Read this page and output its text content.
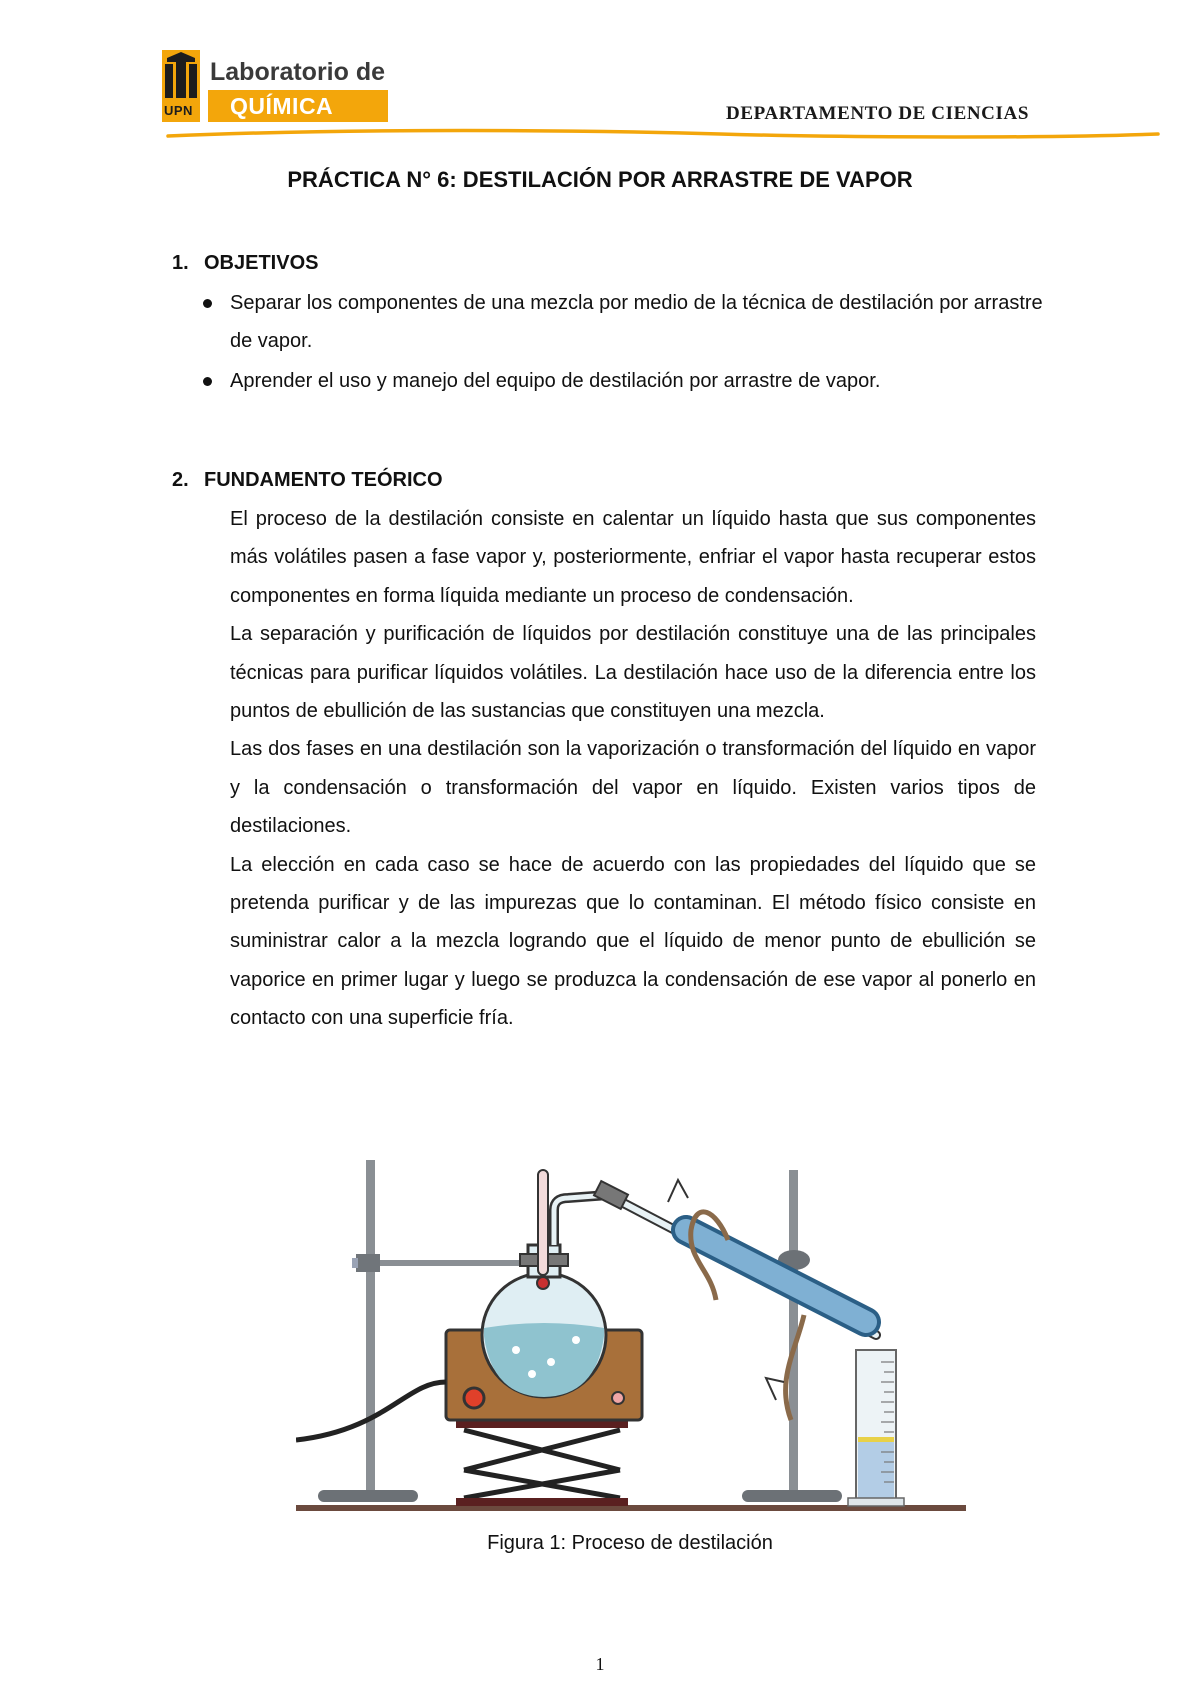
UPN
Laboratorio de
QUÍMICA	DEPARTAMENTO DE CIENCIAS
PRÁCTICA N° 6: DESTILACIÓN POR ARRASTRE DE VAPOR
1. OBJETIVOS
Separar los componentes de una mezcla por medio de la técnica de destilación por arrastre de vapor.
Aprender el uso y manejo del equipo de destilación por arrastre de vapor.
2. FUNDAMENTO TEÓRICO

El proceso de la destilación consiste en calentar un líquido hasta que sus componentes más volátiles pasen a fase vapor y, posteriormente, enfriar el vapor hasta recuperar estos componentes en forma líquida mediante un proceso de condensación.

La separación y purificación de líquidos por destilación constituye una de las principales técnicas para purificar líquidos volátiles. La destilación hace uso de la diferencia entre los puntos de ebullición de las sustancias que constituyen una mezcla.

Las dos fases en una destilación son la vaporización o transformación del líquido en vapor y la condensación o transformación del vapor en líquido. Existen varios tipos de destilaciones.

La elección en cada caso se hace de acuerdo con las propiedades del líquido que se pretenda purificar y de las impurezas que lo contaminan. El método físico consiste en suministrar calor a la mezcla logrando que el líquido de menor punto de ebullición se vaporice en primer lugar y luego se produzca la condensación de ese vapor al ponerlo en contacto con una superficie fría.

Figura 1: Proceso de destilación
1
